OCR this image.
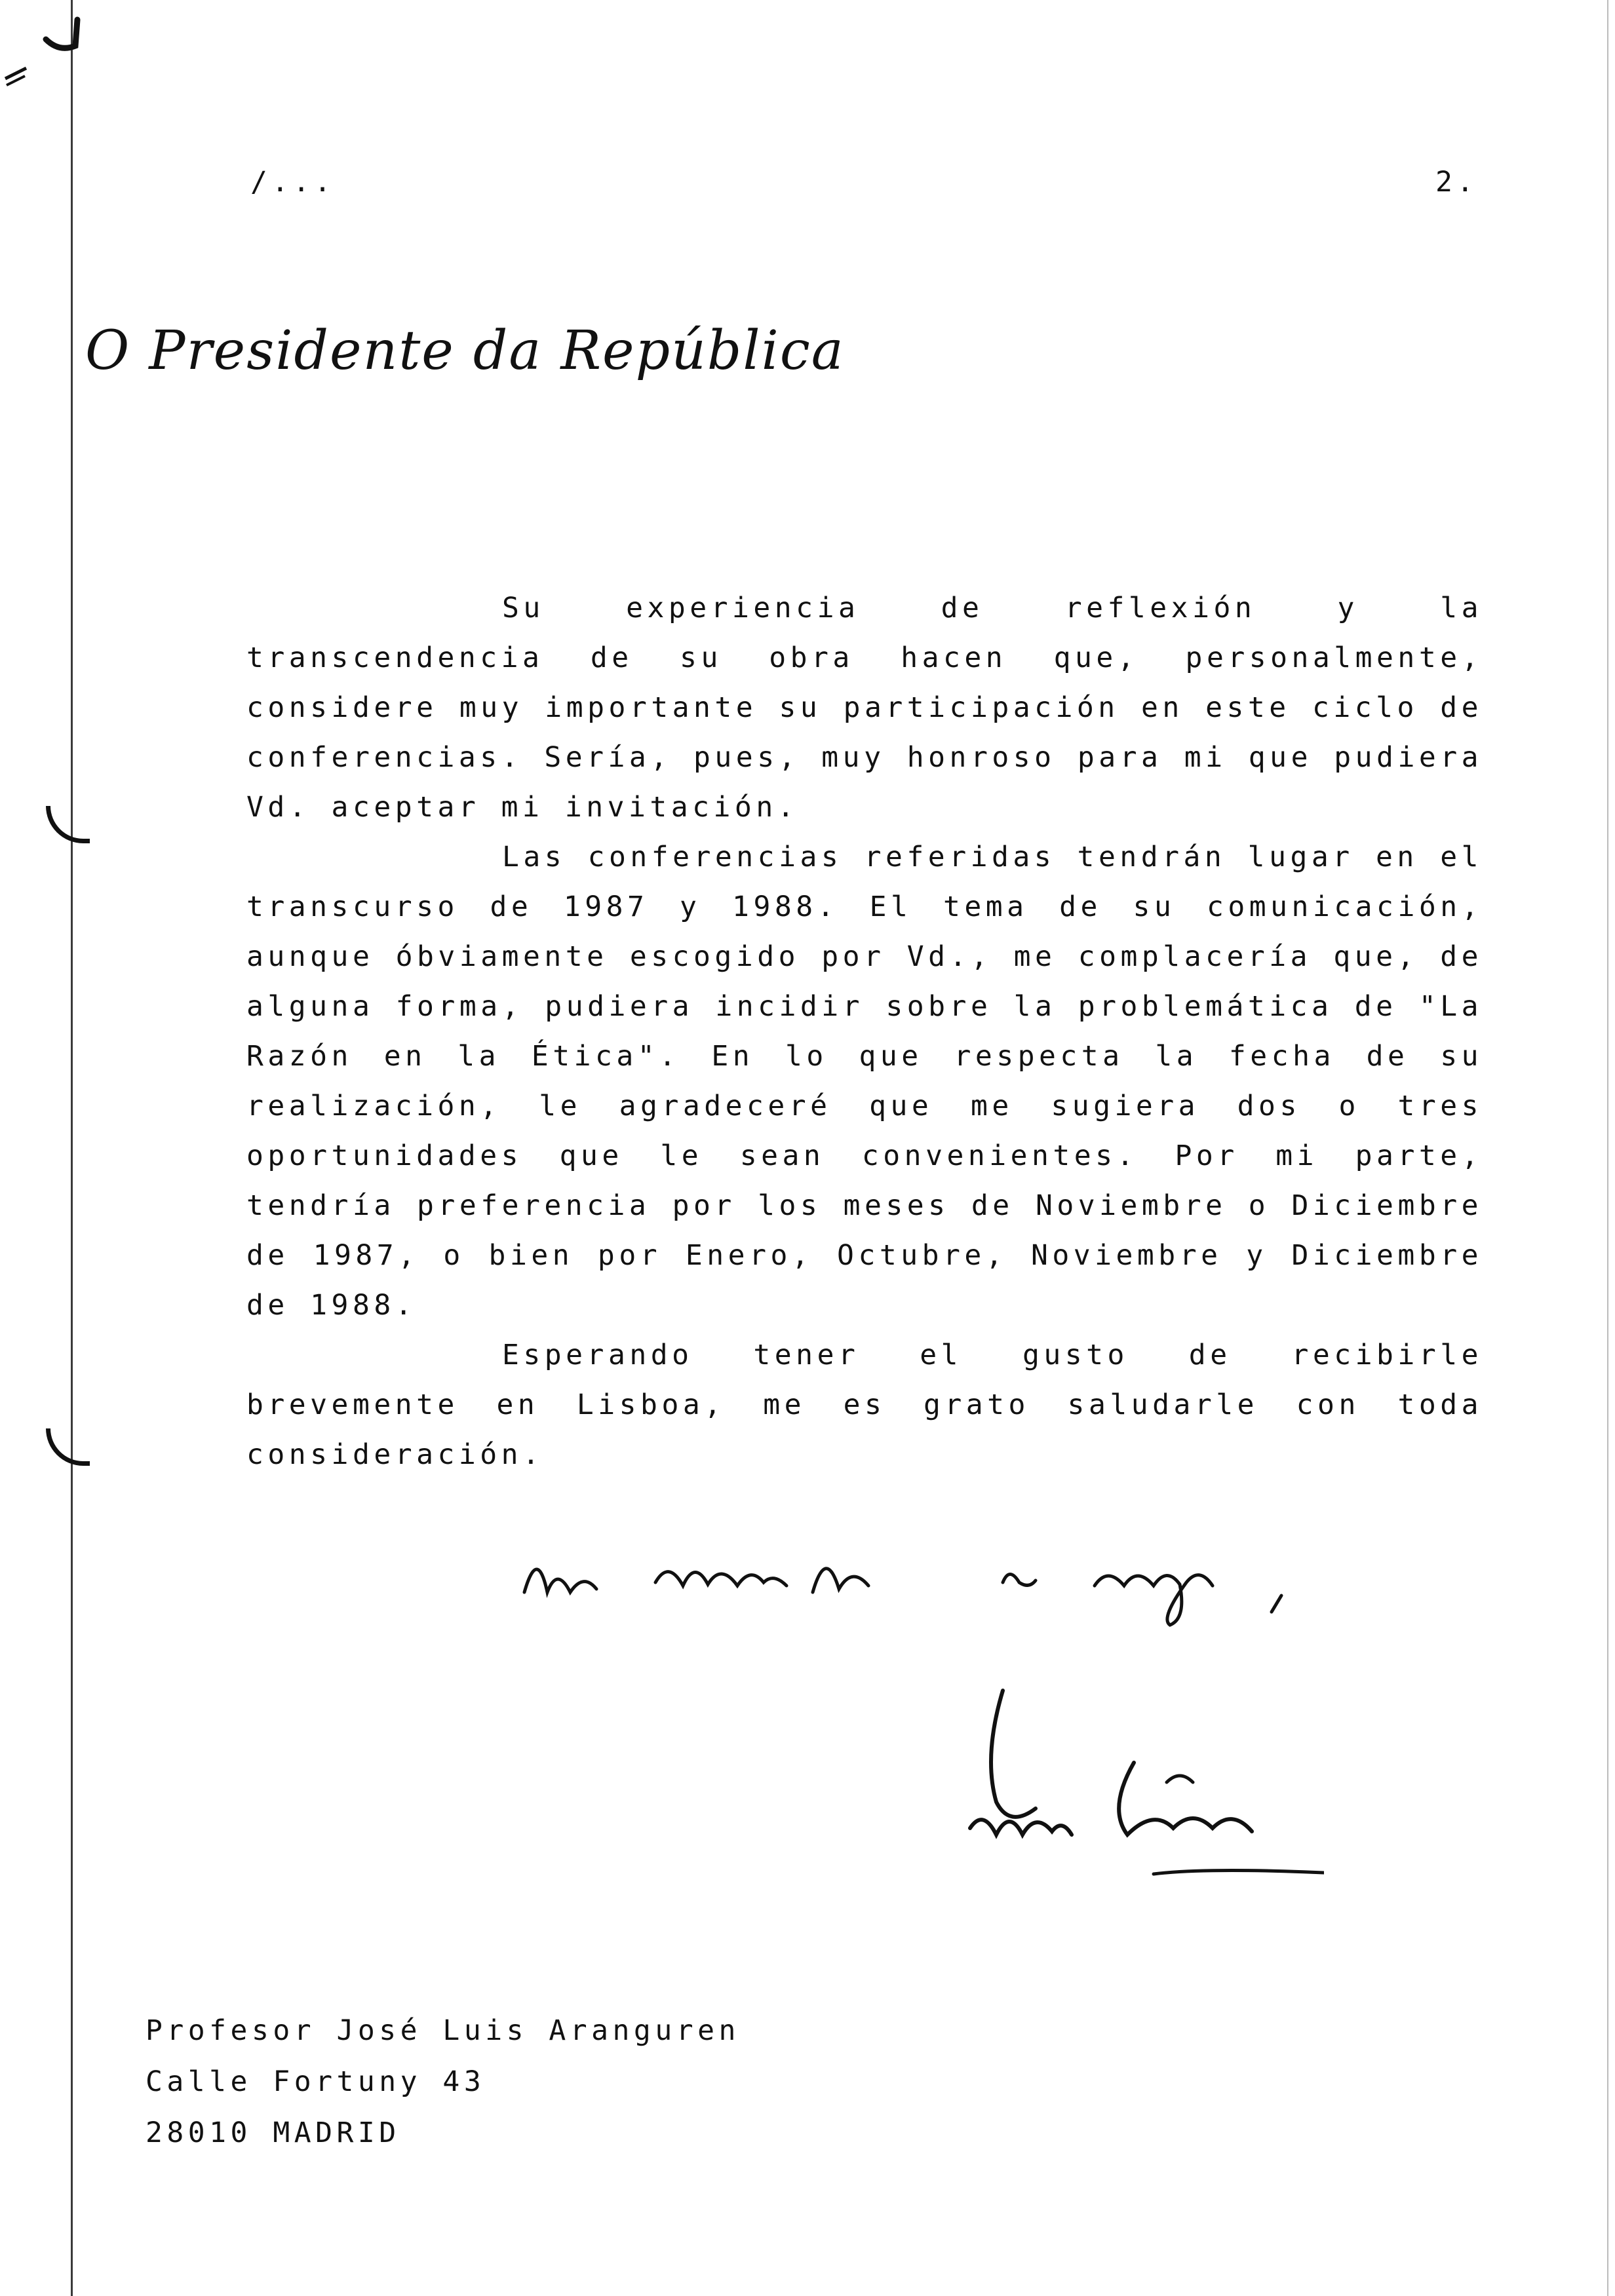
/...	2.
O Presidente da República

Su experiencia de reflexión y la transcendencia de su obra hacen que, personalmente, considere muy importante su participación en este ciclo de conferencias. Sería, pues, muy honroso para mi que pudiera Vd. aceptar mi invitación.

Las conferencias referidas tendrán lugar en el transcurso de 1987 y 1988. El tema de su comunicación, aunque óbviamente escogido por Vd., me complacería que, de alguna forma, pudiera incidir sobre la problemática de "La Razón en la Ética". En lo que respecta la fecha de su realización, le agradeceré que me sugiera dos o tres oportunidades que le sean convenientes. Por mi parte, tendría preferencia por los meses de Noviembre o Diciembre de 1987, o bien por Enero, Octubre, Noviembre y Diciembre de 1988.

Esperando tener el gusto de recibirle brevemente en Lisboa, me es grato saludarle con toda consideración.

Profesor José Luis Aranguren
Calle Fortuny 43
28010 MADRID
